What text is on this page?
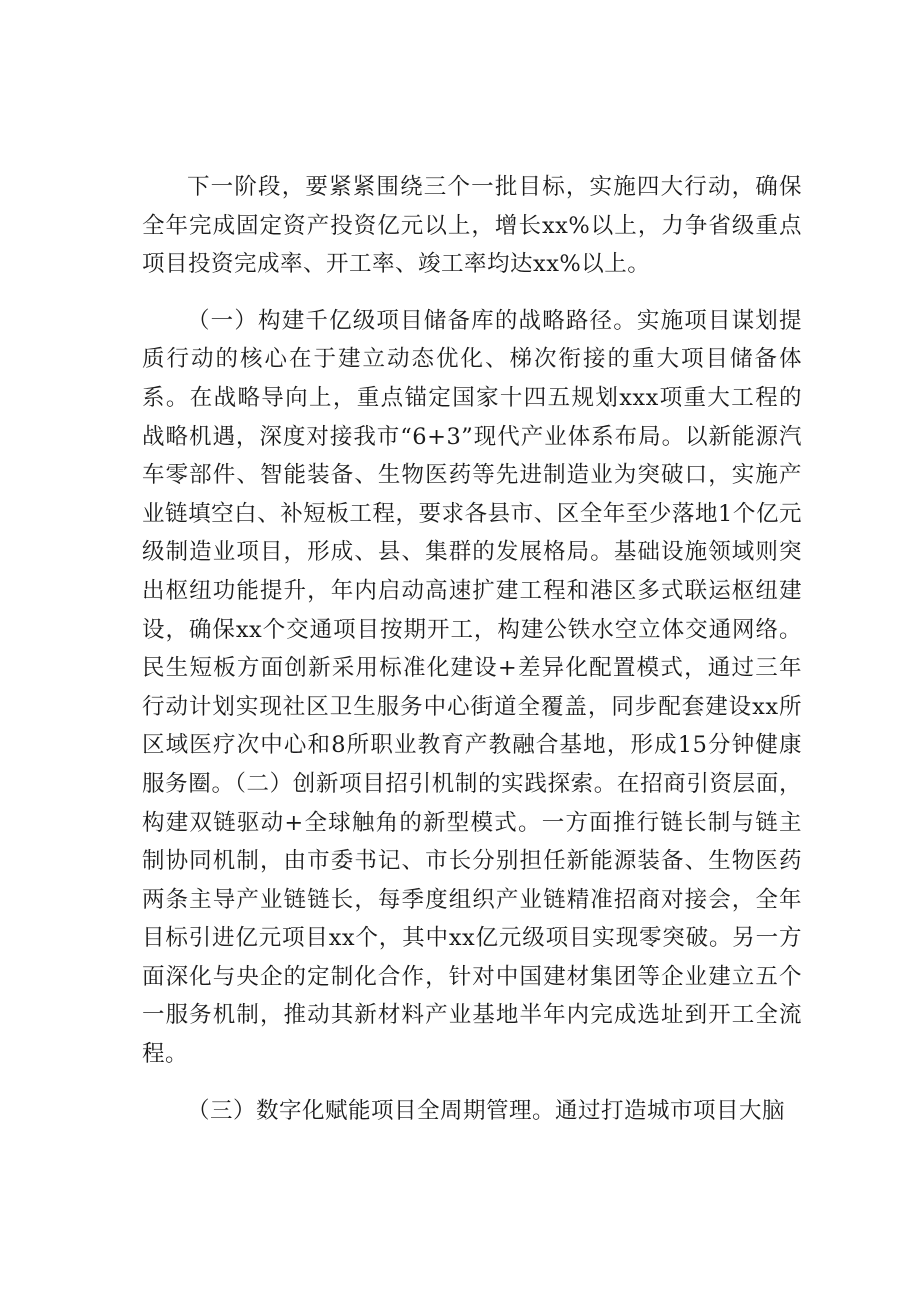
下一阶段，要紧紧围绕三个一批目标，实施四大行动，确保全年完成固定资产投资亿元以上，增长xx%以上，力争省级重点项目投资完成率、开工率、竣工率均达xx%以上。

（一）构建千亿级项目储备库的战略路径。实施项目谋划提质行动的核心在于建立动态优化、梯次衔接的重大项目储备体系。在战略导向上，重点锚定国家十四五规划xxx项重大工程的战略机遇，深度对接我市“6+3”现代产业体系布局。以新能源汽车零部件、智能装备、生物医药等先进制造业为突破口，实施产业链填空白、补短板工程，要求各县市、区全年至少落地1个亿元级制造业项目，形成、县、集群的发展格局。基础设施领域则突出枢纽功能提升，年内启动高速扩建工程和港区多式联运枢纽建设，确保xx个交通项目按期开工，构建公铁水空立体交通网络。民生短板方面创新采用标准化建设+差异化配置模式，通过三年行动计划实现社区卫生服务中心街道全覆盖，同步配套建设xx所区域医疗次中心和8所职业教育产教融合基地，形成15分钟健康服务圈。（二）创新项目招引机制的实践探索。在招商引资层面，构建双链驱动+全球触角的新型模式。一方面推行链长制与链主制协同机制，由市委书记、市长分别担任新能源装备、生物医药两条主导产业链链长，每季度组织产业链精准招商对接会，全年目标引进亿元项目xx个，其中xx亿元级项目实现零突破。另一方面深化与央企的定制化合作，针对中国建材集团等企业建立五个一服务机制，推动其新材料产业基地半年内完成选址到开工全流程。

（三）数字化赋能项目全周期管理。通过打造城市项目大脑
